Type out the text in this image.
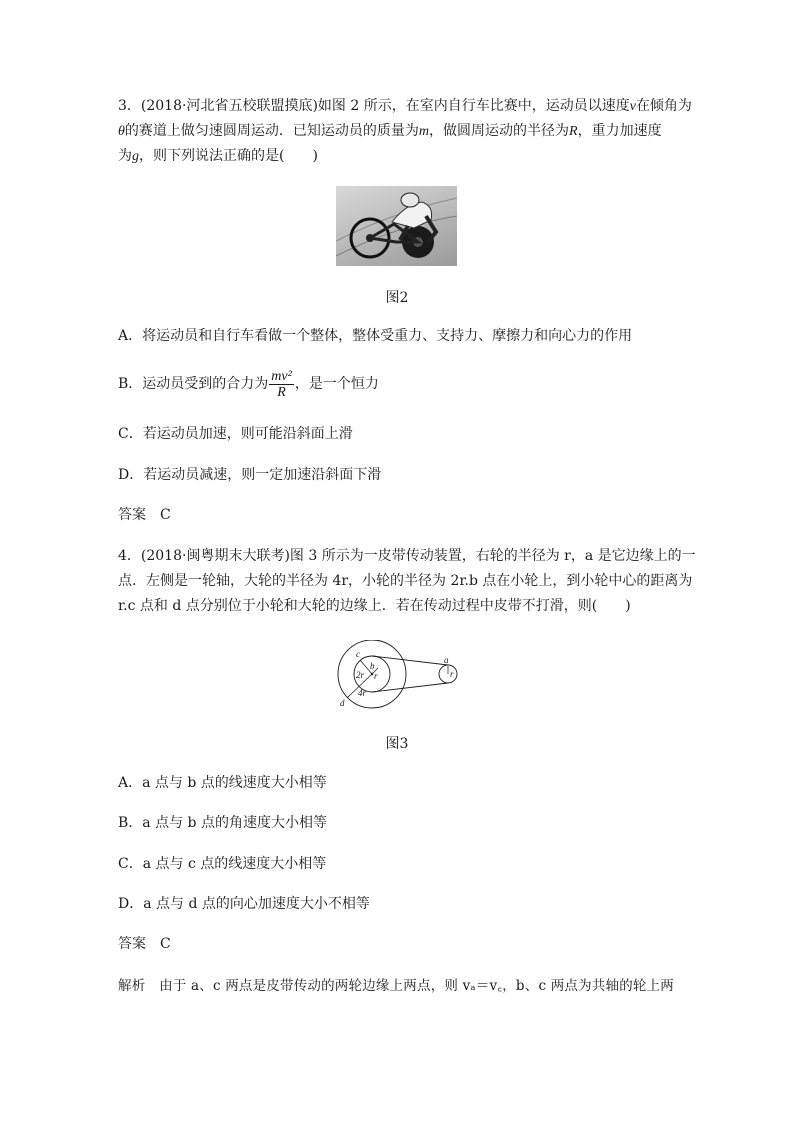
3．(2018·河北省五校联盟摸底)如图 2 所示，在室内自行车比赛中，运动员以速度v在倾角为
θ的赛道上做匀速圆周运动．已知运动员的质量为m，做圆周运动的半径为R，重力加速度
为g，则下列说法正确的是(　　)
图2
A．将运动员和自行车看做一个整体，整体受重力、支持力、摩擦力和向心力的作用
B．运动员受到的合力为 $\frac{\text{mv²}}{R}$ ，是一个恒力
C．若运动员加速，则可能沿斜面上滑
D．若运动员减速，则一定加速沿斜面下滑
答案　C
4．(2018·闽粤期末大联考)图 3 所示为一皮带传动装置，右轮的半径为 r，a 是它边缘上的一
点．左侧是一轮轴，大轮的半径为 4r，小轮的半径为 2r.b 点在小轮上，到小轮中心的距离为
r.c 点和 d 点分别位于小轮和大轮的边缘上．若在传动过程中皮带不打滑，则(　　)
c
b
r
2r
4r
d
a
r
图3
A．a 点与 b 点的线速度大小相等
B．a 点与 b 点的角速度大小相等
C．a 点与 c 点的线速度大小相等
D．a 点与 d 点的向心加速度大小不相等
答案　C
解析　由于 a、c 两点是皮带传动的两轮边缘上两点，则 vₐ＝v꜀，b、c 两点为共轴的轮上两
